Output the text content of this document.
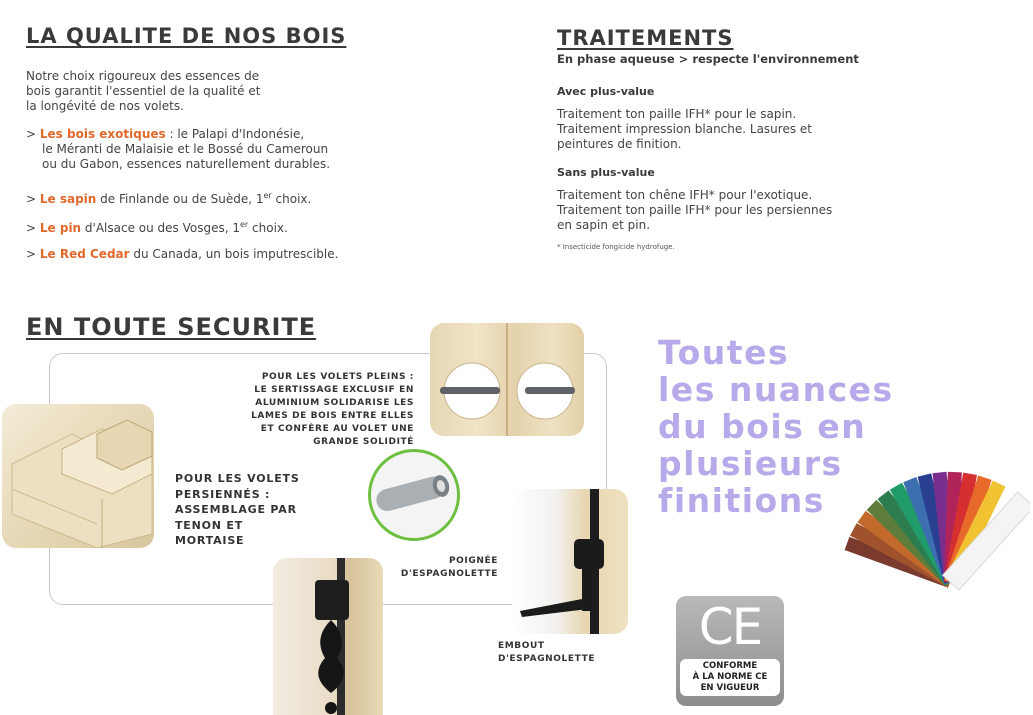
LA QUALITE DE NOS BOIS

Notre choix rigoureux des essences de

bois garantit l'essentiel de la qualité et

la longévité de nos volets.

> Les bois exotiques : le Palapi d'Indonésie,

le Méranti de Malaisie et le Bossé du Cameroun

ou du Gabon, essences naturellement durables.

> Le sapin de Finlande ou de Suède, 1er choix.

> Le pin d'Alsace ou des Vosges, 1er choix.

> Le Red Cedar du Canada, un bois imputrescible.

TRAITEMENTS

En phase aqueuse > respecte l'environnement

Avec plus-value

Traitement ton paille IFH* pour le sapin.

Traitement impression blanche. Lasures et

peintures de finition.

Sans plus-value

Traitement ton chêne IFH* pour l'exotique.

Traitement ton paille IFH* pour les persiennes

en sapin et pin.

* Insecticide fongicide hydrofuge.

EN TOUTE SECURITE

POUR LES VOLETS PLEINS :

LE SERTISSAGE EXCLUSIF EN

ALUMINIUM SOLIDARISE LES

LAMES DE BOIS ENTRE ELLES

ET CONFÈRE AU VOLET UNE

GRANDE SOLIDITÉ

POUR LES VOLETS

PERSIENNÉS :

ASSEMBLAGE PAR

TENON ET

MORTAISE

POIGNÉE

D'ESPAGNOLETTE

EMBOUT

D'ESPAGNOLETTE

Toutes

les nuances

du bois en

plusieurs

finitions

CE
CONFORME
À LA NORME CE
EN VIGUEUR
